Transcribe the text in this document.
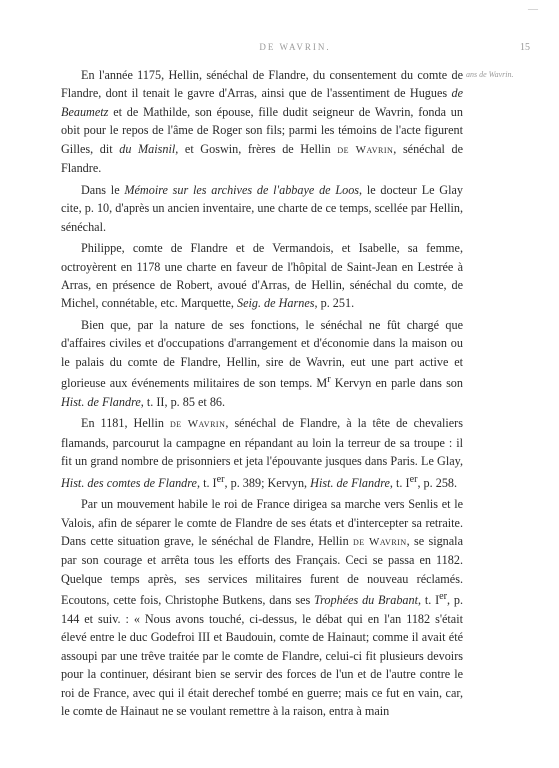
—
DE WAVRIN.	15
ans de Wavrin.

En l'année 1175, Hellin, sénéchal de Flandre, du consentement du comte de Flandre, dont il tenait le gavre d'Arras, ainsi que de l'assentiment de Hugues de Beaumetz et de Mathilde, son épouse, fille dudit seigneur de Wavrin, fonda un obit pour le repos de l'âme de Roger son fils; parmi les témoins de l'acte figurent Gilles, dit du Maisnil, et Goswin, frères de Hellin de Wavrin, sénéchal de Flandre.

Dans le Mémoire sur les archives de l'abbaye de Loos, le docteur Le Glay cite, p. 10, d'après un ancien inventaire, une charte de ce temps, scellée par Hellin, sénéchal.

Philippe, comte de Flandre et de Vermandois, et Isabelle, sa femme, octroyèrent en 1178 une charte en faveur de l'hôpital de Saint-Jean en Lestrée à Arras, en présence de Robert, avoué d'Arras, de Hellin, sénéchal du comte, de Michel, connétable, etc. Marquette, Seig. de Harnes, p. 251.

Bien que, par la nature de ses fonctions, le sénéchal ne fût chargé que d'affaires civiles et d'occupations d'arrangement et d'économie dans la maison ou le palais du comte de Flandre, Hellin, sire de Wavrin, eut une part active et glorieuse aux événements militaires de son temps. $M^r$ Kervyn en parle dans son Hist. de Flandre, t. II, p. 85 et 86.

En 1181, Hellin de Wavrin, sénéchal de Flandre, à la tête de chevaliers flamands, parcourut la campagne en répandant au loin la terreur de sa troupe : il fit un grand nombre de prisonniers et jeta l'épouvante jusques dans Paris. Le Glay, Hist. des comtes de Flandre, t. Ier, p. 389; Kervyn, Hist. de Flandre, t. Ier, p. 258.

Par un mouvement habile le roi de France dirigea sa marche vers Senlis et le Valois, afin de séparer le comte de Flandre de ses états et d'intercepter sa retraite. Dans cette situation grave, le sénéchal de Flandre, Hellin de Wavrin, se signala par son courage et arrêta tous les efforts des Français. Ceci se passa en 1182. Quelque temps après, ses services militaires furent de nouveau réclamés. Ecoutons, cette fois, Christophe Butkens, dans ses Trophées du Brabant, t. Ier, p. 144 et suiv. : « Nous avons touché, ci-dessus, le débat qui en l'an 1182 s'était élevé entre le duc Godefroi III et Baudouin, comte de Hainaut; comme il avait été assoupi par une trêve traitée par le comte de Flandre, celui-ci fit plusieurs devoirs pour la continuer, désirant bien se servir des forces de l'un et de l'autre contre le roi de France, avec qui il était derechef tombé en guerre; mais ce fut en vain, car, le comte de Hainaut ne se voulant remettre à la raison, entra à main
